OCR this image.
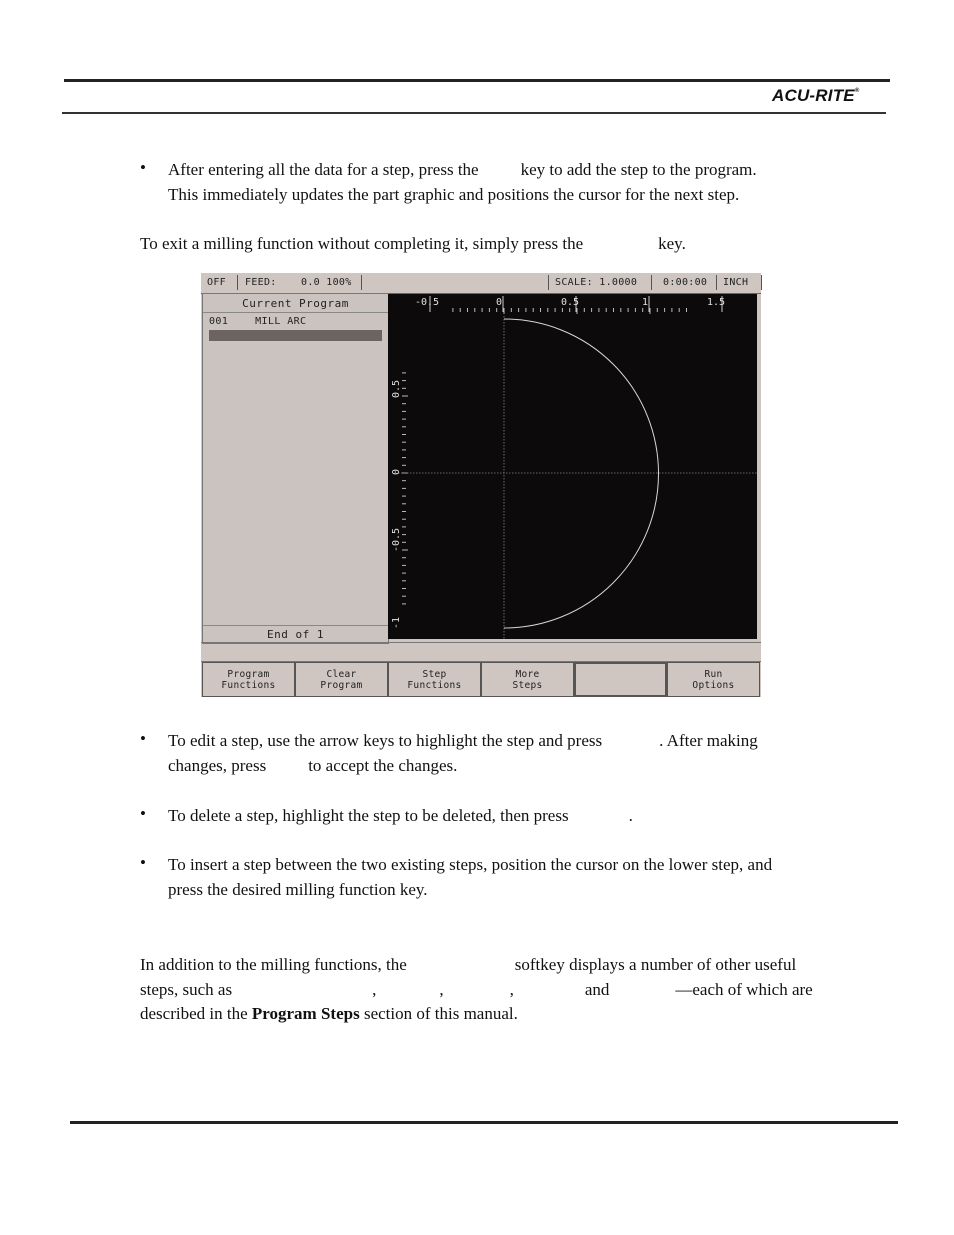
ACU-RITE®
• After entering all the data for a step, press the key to add the step to the program.
This immediately updates the part graphic and positions the cursor for the next step.
To exit a milling function without completing it, simply press the	key.
OFF	FEED:	0.0 100%	SCALE: 1.0000	0:00:00	INCH
Current Program
001	MILL ARC
End of 1
Program
Functions
Clear
Program
Step
Functions
More
Steps
Run
Options
-0.5	0	0.5	1	1.5
0.5
0
-0.5
-1
• To edit a step, use the arrow keys to highlight the step and press	. After making
changes, press to accept the changes.
• To delete a step, highlight the step to be deleted, then press	.
• To insert a step between the two existing steps, position the cursor on the lower step, and
press the desired milling function key.
In addition to the milling functions, the	softkey displays a number of other useful
steps, such as	,	,	,	and	—each of which are
described in the Program Steps section of this manual.
